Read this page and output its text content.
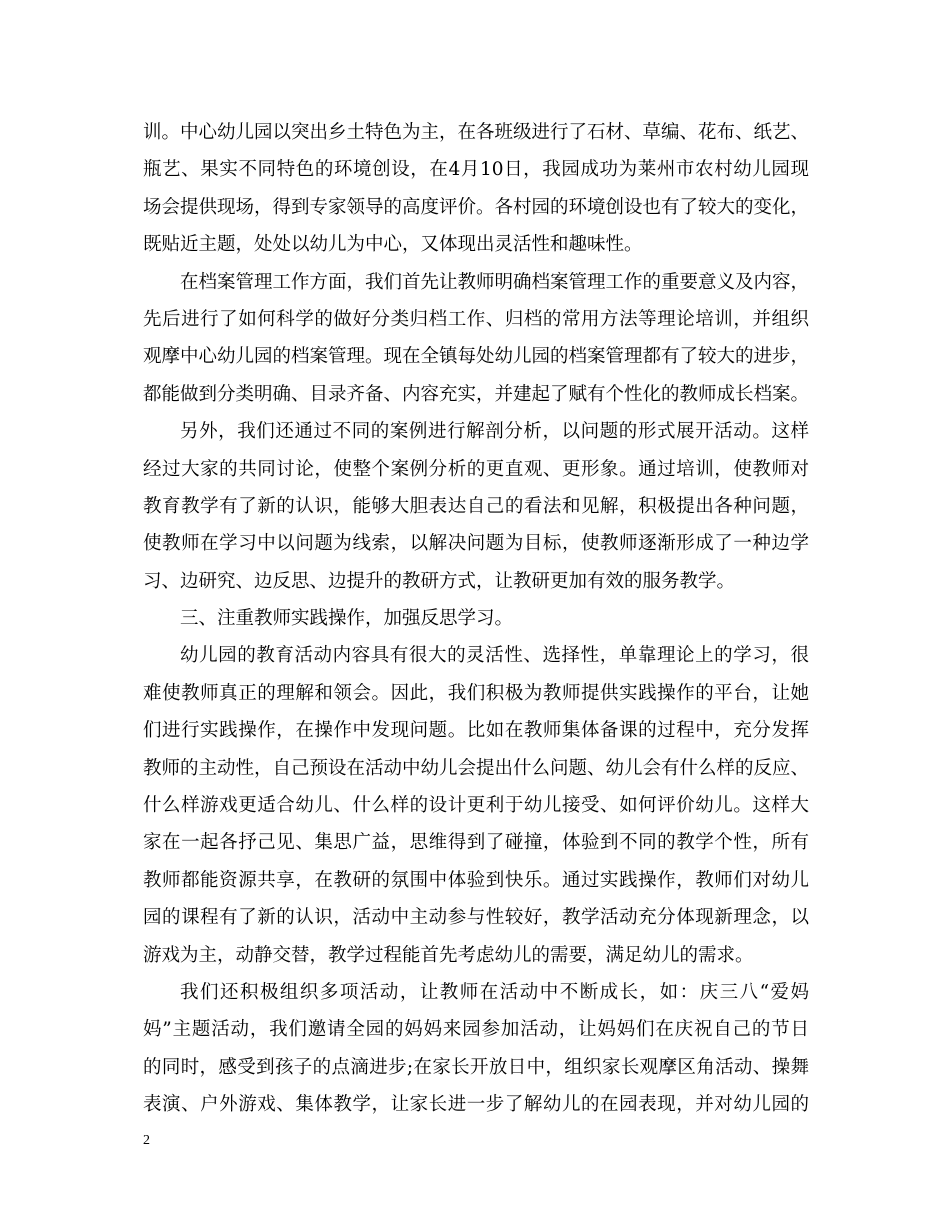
训。中心幼儿园以突出乡土特色为主，在各班级进行了石材、草编、花布、纸艺、
瓶艺、果实不同特色的环境创设，在4月10日，我园成功为莱州市农村幼儿园现
场会提供现场，得到专家领导的高度评价。各村园的环境创设也有了较大的变化，
既贴近主题，处处以幼儿为中心，又体现出灵活性和趣味性。
在档案管理工作方面，我们首先让教师明确档案管理工作的重要意义及内容，
先后进行了如何科学的做好分类归档工作、归档的常用方法等理论培训，并组织
观摩中心幼儿园的档案管理。现在全镇每处幼儿园的档案管理都有了较大的进步，
都能做到分类明确、目录齐备、内容充实，并建起了赋有个性化的教师成长档案。
另外，我们还通过不同的案例进行解剖分析，以问题的形式展开活动。这样
经过大家的共同讨论，使整个案例分析的更直观、更形象。通过培训，使教师对
教育教学有了新的认识，能够大胆表达自己的看法和见解，积极提出各种问题，
使教师在学习中以问题为线索，以解决问题为目标，使教师逐渐形成了一种边学
习、边研究、边反思、边提升的教研方式，让教研更加有效的服务教学。
三、注重教师实践操作，加强反思学习。
幼儿园的教育活动内容具有很大的灵活性、选择性，单靠理论上的学习，很
难使教师真正的理解和领会。因此，我们积极为教师提供实践操作的平台，让她
们进行实践操作，在操作中发现问题。比如在教师集体备课的过程中，充分发挥
教师的主动性，自己预设在活动中幼儿会提出什么问题、幼儿会有什么样的反应、
什么样游戏更适合幼儿、什么样的设计更利于幼儿接受、如何评价幼儿。这样大
家在一起各抒己见、集思广益，思维得到了碰撞，体验到不同的教学个性，所有
教师都能资源共享，在教研的氛围中体验到快乐。通过实践操作，教师们对幼儿
园的课程有了新的认识，活动中主动参与性较好，教学活动充分体现新理念，以
游戏为主，动静交替，教学过程能首先考虑幼儿的需要，满足幼儿的需求。
我们还积极组织多项活动，让教师在活动中不断成长，如：庆三八“爱妈
妈”主题活动，我们邀请全园的妈妈来园参加活动，让妈妈们在庆祝自己的节日
的同时，感受到孩子的点滴进步;在家长开放日中，组织家长观摩区角活动、操舞
表演、户外游戏、集体教学，让家长进一步了解幼儿的在园表现，并对幼儿园的
2
